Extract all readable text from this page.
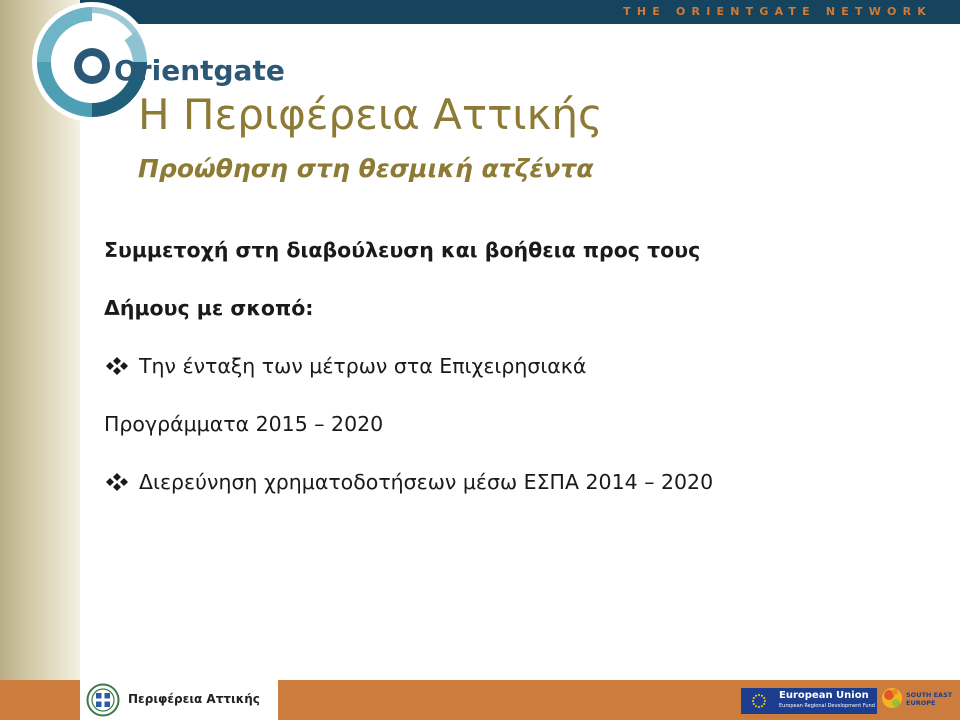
THE ORIENTGATE NETWORK
Orientgate
Η Περιφέρεια Αττικής
Προώθηση στη θεσμική ατζέντα
Συμμετοχή στη διαβούλευση και βοήθεια προς τους
Δήμους με σκοπό:
Την ένταξη των μέτρων στα Επιχειρησιακά
Προγράμματα 2015 – 2020
Διερεύνηση χρηματοδοτήσεων μέσω ΕΣΠΑ 2014 – 2020
Περιφέρεια Αττικής	European Union
European Regional Development Fund
SOUTH EAST EUROPE
